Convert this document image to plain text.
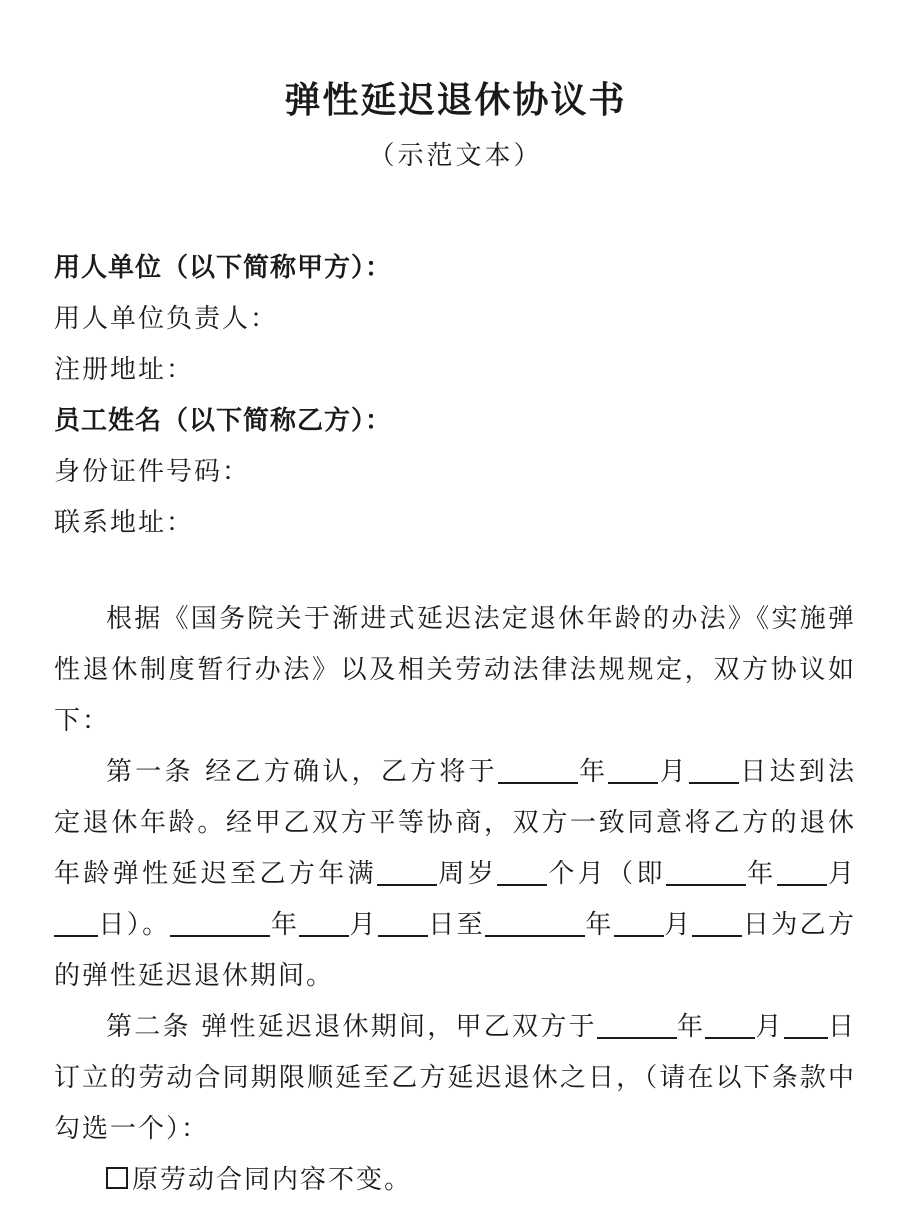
弹性延迟退休协议书
（示范文本）
用人单位（以下简称甲方）：
用人单位负责人：
注册地址：
员工姓名（以下简称乙方）：
身份证件号码：
联系地址：

根据《国务院关于渐进式延迟法定退休年龄的办法》《实施弹性退休制度暂行办法》以及相关劳动法律法规规定，双方协议如下：

第一条 经乙方确认，乙方将于	年 月 日达到法定退休年龄。经甲乙双方平等协商，双方一致同意将乙方的退休年龄弹性延迟至乙方年满 周岁 个月（即	年 月日）。	年 月 日至	年 月 日为乙方的弹性延迟退休期间。

第二条 弹性延迟退休期间，甲乙双方于	年 月 日订立的劳动合同期限顺延至乙方延迟退休之日，（请在以下条款中勾选一个）：

原劳动合同内容不变。
